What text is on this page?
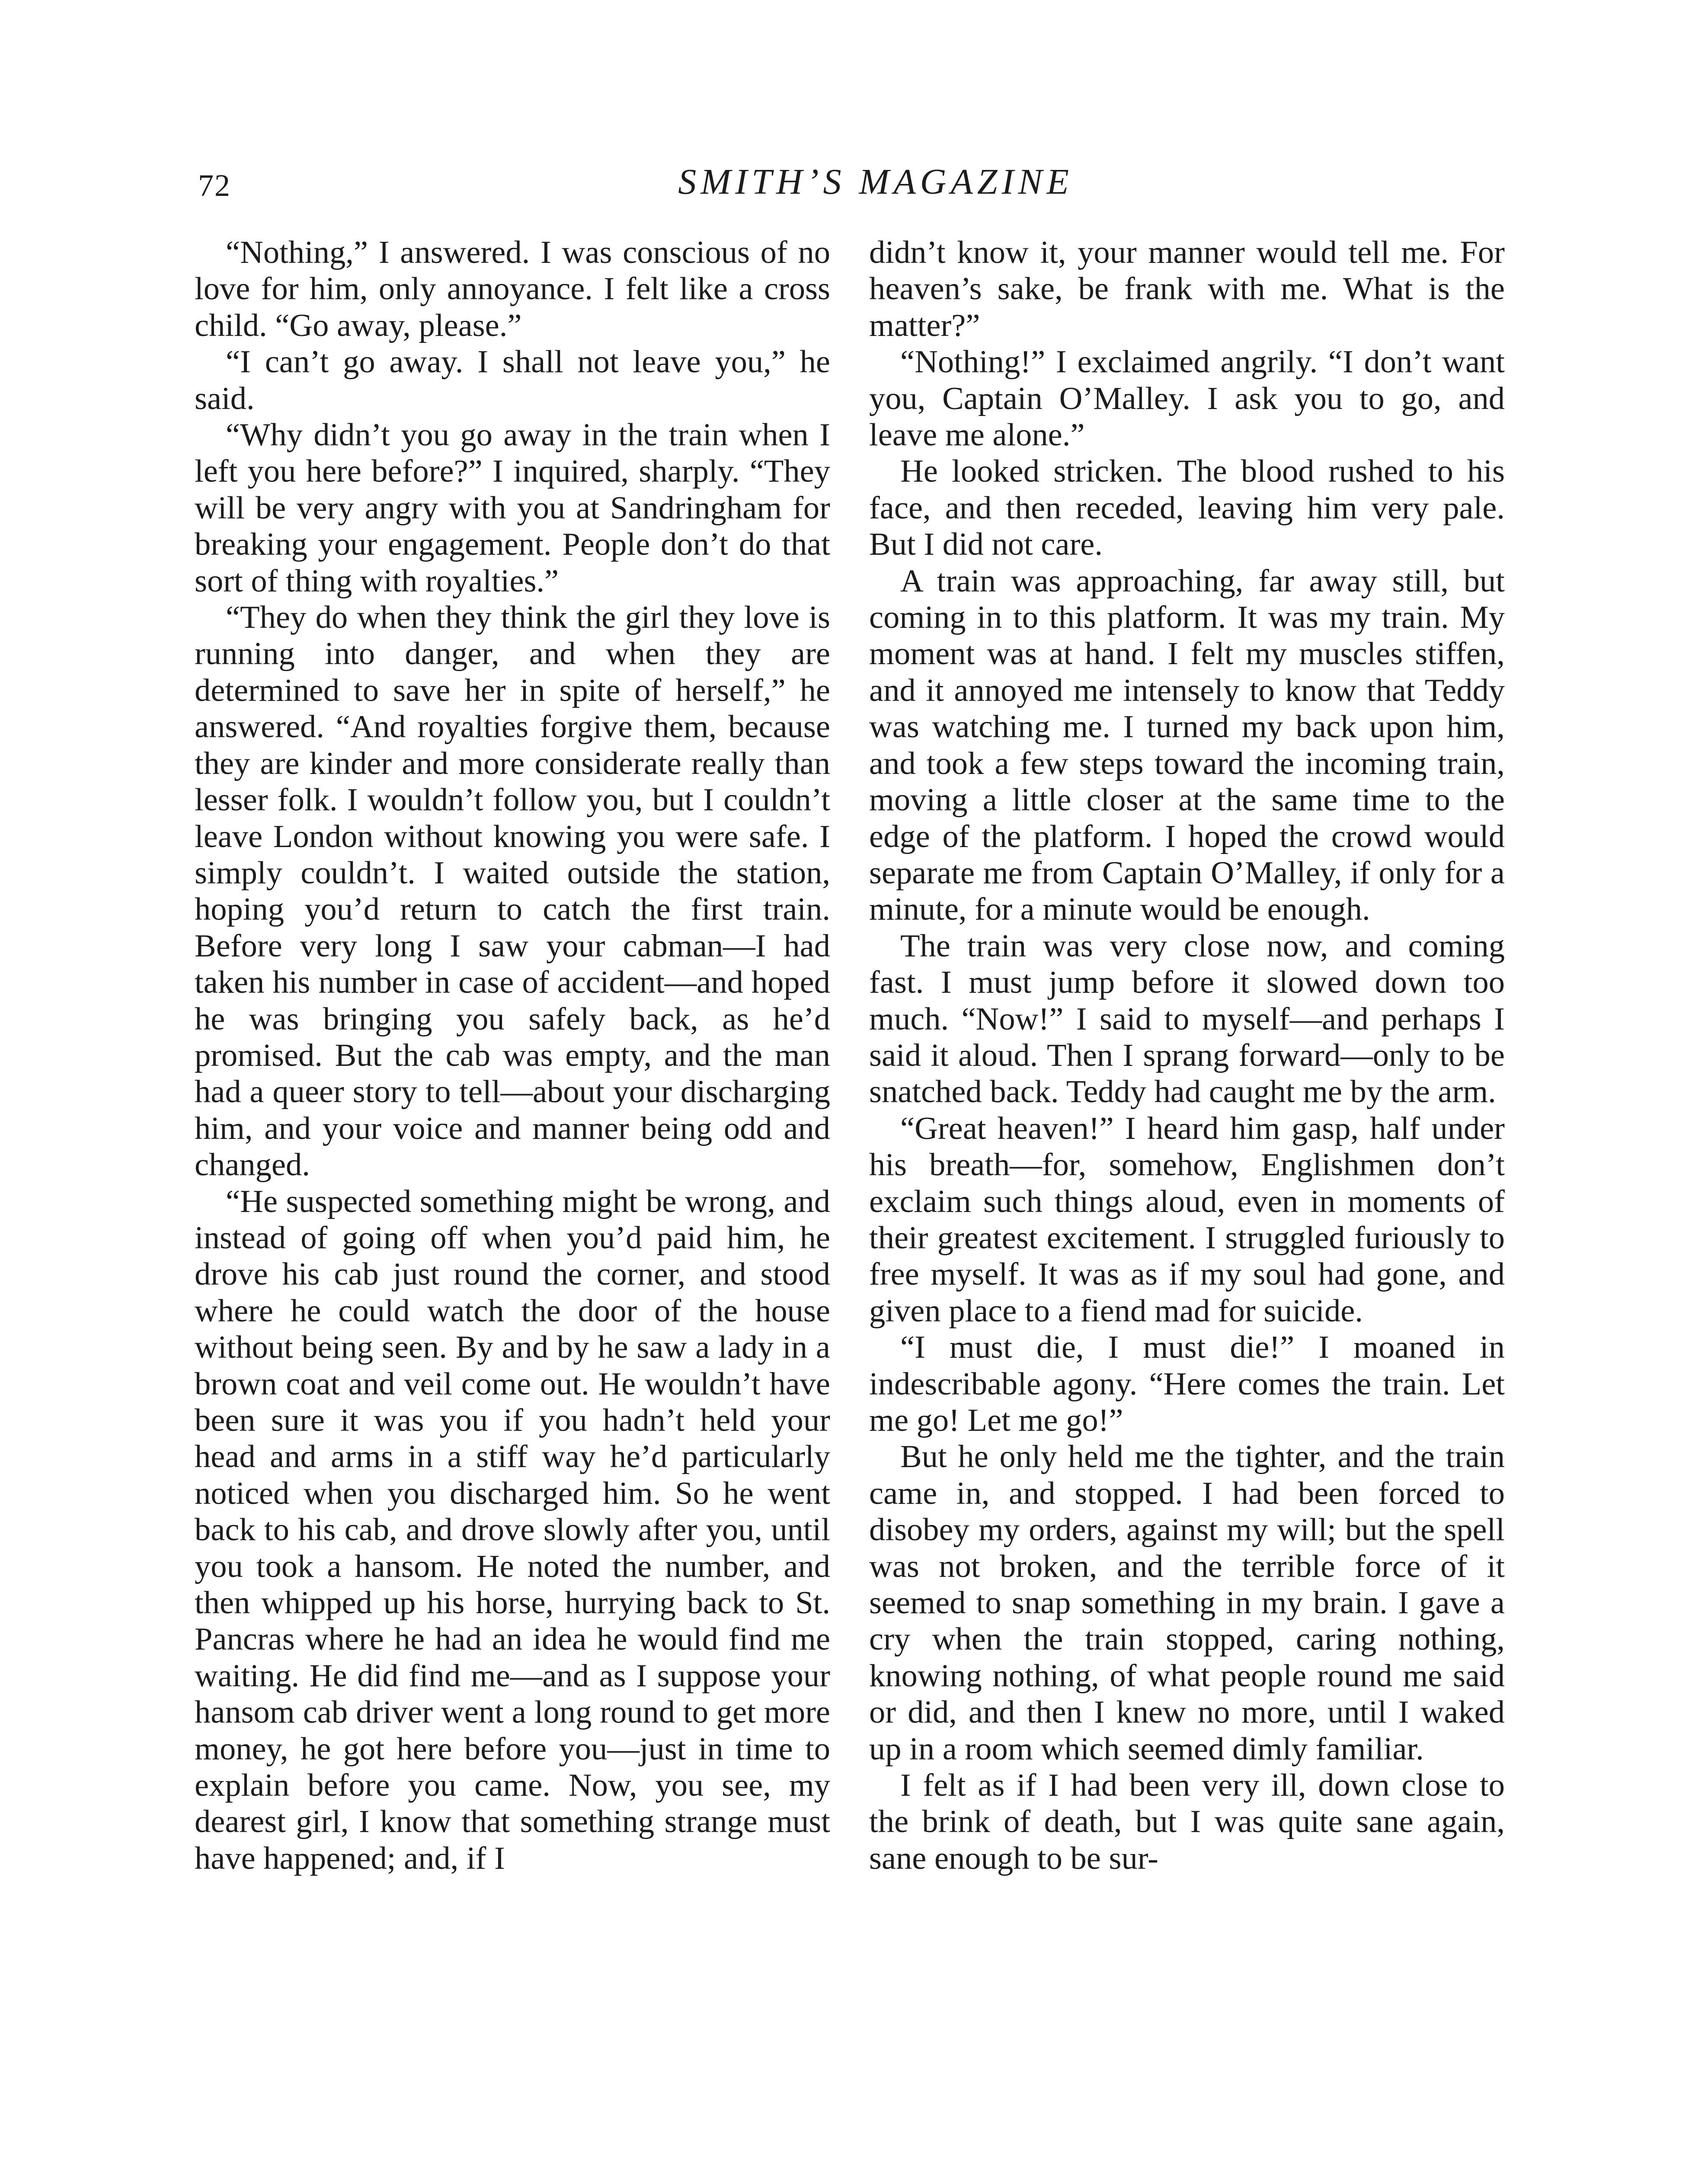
72	SMITH’S MAGAZINE

“Nothing,” I answered. I was conscious of no love for him, only annoyance. I felt like a cross child. “Go away, please.”

“I can’t go away. I shall not leave you,” he said.

“Why didn’t you go away in the train when I left you here before?” I inquired, sharply. “They will be very angry with you at Sandringham for breaking your engagement. People don’t do that sort of thing with royalties.”

“They do when they think the girl they love is running into danger, and when they are determined to save her in spite of herself,” he answered. “And royalties forgive them, because they are kinder and more considerate really than lesser folk. I wouldn’t follow you, but I couldn’t leave London without knowing you were safe. I simply couldn’t. I waited outside the station, hoping you’d return to catch the first train. Before very long I saw your cabman—I had taken his number in case of accident—and hoped he was bringing you safely back, as he’d promised. But the cab was empty, and the man had a queer story to tell—about your discharging him, and your voice and manner being odd and changed.

“He suspected something might be wrong, and instead of going off when you’d paid him, he drove his cab just round the corner, and stood where he could watch the door of the house without being seen. By and by he saw a lady in a brown coat and veil come out. He wouldn’t have been sure it was you if you hadn’t held your head and arms in a stiff way he’d particularly noticed when you discharged him. So he went back to his cab, and drove slowly after you, until you took a hansom. He noted the number, and then whipped up his horse, hurrying back to St. Pancras where he had an idea he would find me waiting. He did find me—and as I suppose your hansom cab driver went a long round to get more money, he got here before you—just in time to explain before you came. Now, you see, my dearest girl, I know that something strange must have happened; and, if I

didn’t know it, your manner would tell me. For heaven’s sake, be frank with me. What is the matter?”

“Nothing!” I exclaimed angrily. “I don’t want you, Captain O’Malley. I ask you to go, and leave me alone.”

He looked stricken. The blood rushed to his face, and then receded, leaving him very pale. But I did not care.

A train was approaching, far away still, but coming in to this platform. It was my train. My moment was at hand. I felt my muscles stiffen, and it annoyed me intensely to know that Teddy was watching me. I turned my back upon him, and took a few steps toward the incoming train, moving a little closer at the same time to the edge of the platform. I hoped the crowd would separate me from Captain O’Malley, if only for a minute, for a minute would be enough.

The train was very close now, and coming fast. I must jump before it slowed down too much. “Now!” I said to myself—and perhaps I said it aloud. Then I sprang forward—only to be snatched back. Teddy had caught me by the arm.

“Great heaven!” I heard him gasp, half under his breath—for, somehow, Englishmen don’t exclaim such things aloud, even in moments of their greatest excitement. I struggled furiously to free myself. It was as if my soul had gone, and given place to a fiend mad for suicide.

“I must die, I must die!” I moaned in indescribable agony. “Here comes the train. Let me go! Let me go!”

But he only held me the tighter, and the train came in, and stopped. I had been forced to disobey my orders, against my will; but the spell was not broken, and the terrible force of it seemed to snap something in my brain. I gave a cry when the train stopped, caring nothing, knowing nothing, of what people round me said or did, and then I knew no more, until I waked up in a room which seemed dimly familiar.

I felt as if I had been very ill, down close to the brink of death, but I was quite sane again, sane enough to be sur-
